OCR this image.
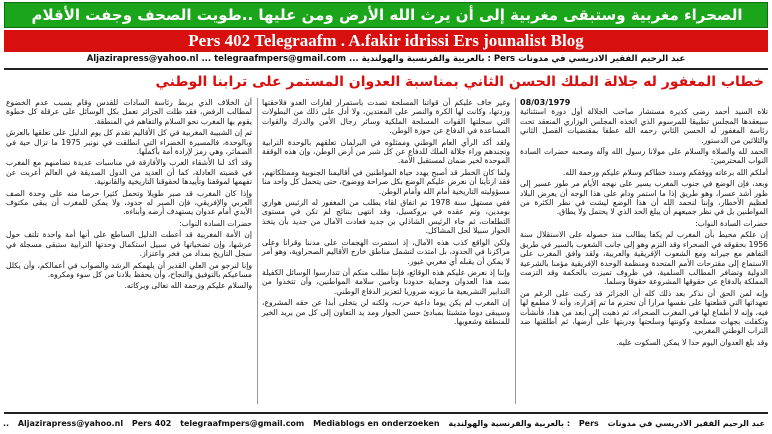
الصحراء مغربية وستبقى مغربية إلى أن يرث الله الأرض ومن عليها ..طويت الصحف وجفت الأقلام
Pers 402 Telegraafm . A.fakir idrissi Ers jounalist Blog
عبد الرحيم الفقير الادريسي في مدونات Pers : بالعربية والفرنسية والهولندية ... Aljazirapress@yahoo.nl ... telegraafmpers@gmail.com
خطاب المغفور له جلالة الملك الحسن الثاني بمناسبة العدوان المستمر على ترابنا الوطني
08/03/1979

تلاه السيد أحمد رضى كديرة مستشار صاحب الجلالة أول دورة استثنائية سيعقدها المجلس تطبيقا للمرسوم الذي اتخذه المجلس الوزاري المنعقد تحت رئاسة المغفور له الحسن الثاني رحمه الله عطفا بمقتضيات الفصل الثاني والثلاثين من الدستور.

الحمد لله والصلاة والسلام على مولانا رسول الله وآله وصحبه حضرات السادة النواب المحترمين:

أملكم الله برعاته ووفقكم وسدد خطاكم وسلام عليكم ورحمة الله.

وبعد، فإن الوضع في جنوب المغرب يسير على نهجه الأيام مر طور عسير إلى طور أشد عسرا، وهو طريق إذا ما استمر ودام على هذا الوجه أن يعرض البلاد لعظيم الأخطار، وإننا لنحمد الله أن هذا الوضع ليشت في نظر الكثرة من المواطنين بل في نظر جميعهم أن يبلغ الحد الذي لا يحتمل ولا يطاق.

حضرات السادة النواب:

إن علكم محيط بأن المغرب لم يكفا يطالب منذ حصوله على الاستقلال سنة 1956 بحقوقه في الصحراء وقد التزم وهو إلى جانب الشعوب بالسير في طريق التفاهم مع جيرانه ومع الشعوب الإفريقية والعربية، ولقد وافق المغرب على الاستماع إلى مقترحات الأمم المتحدة ومنظمة الوحدة الإفريقية مؤمنا بالشرعية الدولية وتضافر المطالب السلمية، في ظروف تميزت بالحكمة وقد التزمت المملكة بالدفاع عن حقوقها المشروعة حقوقا وسلما.

وإنه لمن الحق أن نذكر بعد ذلك كله أن الجزائر قد ركبت على الرغم من تعهداتها التي قطعتها على نفسها مرارا أن تحترم ما تم إقراره، وأنه لا مطمع لها فيه، وإنه لا أطماع لها في المغرب الصحراء، ثم ذهبت إلى أبعد من هذا، فأنشأت وتكفلت بجهات مسلحة وكونتها وسلحتها ودربتها على أرضها، ثم أطلقتها ضد التراب الوطني المغربي.

وقد بلغ العدوان اليوم حدا لا يمكن السكوت عليه.

وغير خاف عليكم أن قواتنا المسلحة تصدت باستمرار لغارات العدو فلاحقتها وردتها، وكانت لها الكرة والنصر على المعتدين، ولا أدل على ذلك من البطولات التي سجلتها القوات المسلحة الملكية وسائر رجال الأمن والدرك والقوات المساعدة في الدفاع عن حوزة الوطن.

ولقد أكد الرأي العام الوطني وممثلوه في البرلمان تعلقهم بالوحدة الترابية وتجندهم وراء جلالة الملك للدفاع عن كل شبر من أرض الوطن، وإن هذه الوقفة الموحدة لخير ضمان لمستقبل الأمة.

ولما كان الخطر قد أصبح يهدد حياة المواطنين في أقاليمنا الجنوبية وممتلكاتهم، فقد ارتأينا أن نعرض عليكم الوضع بكل صراحة ووضوح، حتى يتحمل كل واحد منا مسؤوليته التاريخية أمام الله وأمام الوطن.

ففي مستهل سنة 1978 تم اتفاق لقاء يطلب من المغفور له الرئيس هواري بومدين، وتم عقده في بروكسيل، وقد انتهى بنتائج لم تكن في مستوى التطلعات، ثم جاء الرئيس الشاذلي بن جديد فعادت الآمال من جديد بأن يتخذ الحوار سبيلا لحل المشاكل.

ولكن الواقع كذب هذه الآمال، إذ استمرت الهجمات على مدننا وقرانا وعلى مراكزنا في الحدود، بل امتدت لتشمل مناطق خارج الأقاليم الصحراوية، وهو أمر لا يمكن أن يقبله أي مغربي غيور.

وإننا إذ نعرض عليكم هذه الوقائع، فإننا نطلب منكم أن تتدارسوا الوسائل الكفيلة بصد هذا العدوان وحماية حدودنا وتأمين سلامة المواطنين، وأن تتخذوا من التدابير التشريعية ما ترونه ضروريا لتعزيز الدفاع الوطني.

إن المغرب لم يكن يوما داعية حرب، ولكنه لن يتخلى أبدا عن حقه المشروع، وسيبقى دوما متشبثا بمبادئ حسن الجوار ومد يد التعاون إلى كل من يريد الخير للمنطقة وشعوبها.

أن الخلاف الذي يربط رئاسة السادات للقدس وقام بسبب عدم الخضوع لمطالب الرفض، فقد ظلت الجزائر تعمل بكل الوسائل على عرقلة كل خطوة يقوم بها المغرب نحو السلام والتفاهم في المنطقة.

ثم إن الشبيبة المغربية في كل الأقاليم تقدم كل يوم الدليل على تعلقها بالعرش وبالوحدة، فالمسيرة الخضراء التي انطلقت في نونبر 1975 ما تزال حية في الضمائر، وهي رمز لإرادة أمة بأكملها.

وقد أكد لنا الأشقاء العرب والأفارقة في مناسبات عديدة تضامنهم مع المغرب في قضيته العادلة، كما أن العديد من الدول الصديقة في العالم أعربت عن تفهمها لموقفنا وتأييدها لحقوقنا التاريخية والقانونية.

وإذا كان المغرب قد صبر طويلا وتحمل كثيرا حرصا منه على وحدة الصف العربي والإفريقي، فإن الصبر له حدود، ولا يمكن للمغرب أن يبقى مكتوف الأيدي أمام عدوان يستهدف أرضه وأبناءه.

حضرات السادة النواب:

إن الأمة المغربية قد أعطت الدليل الساطع على أنها أمة واحدة تلتف حول عرشها، وإن تضحياتها في سبيل استكمال وحدتها الترابية ستبقى مسجلة في سجل التاريخ بمداد من فخر واعتزاز.

وإنا لنرجو من العلي القدير أن يلهمكم الرشد والصواب في أعمالكم، وأن يكلل مساعيكم بالتوفيق والنجاح، وأن يحفظ بلادنا من كل سوء ومكروه.

والسلام عليكم ورحمة الله تعالى وبركاته.

عبد الرحيم الفقير الادريسي في مدونات Pers : بالعربية والفرنسية والهولندية Aljazirapress@yahoo.nl Pers 402 telegraafmpers@gmail.com Mediablogs en onderzoeken ..
